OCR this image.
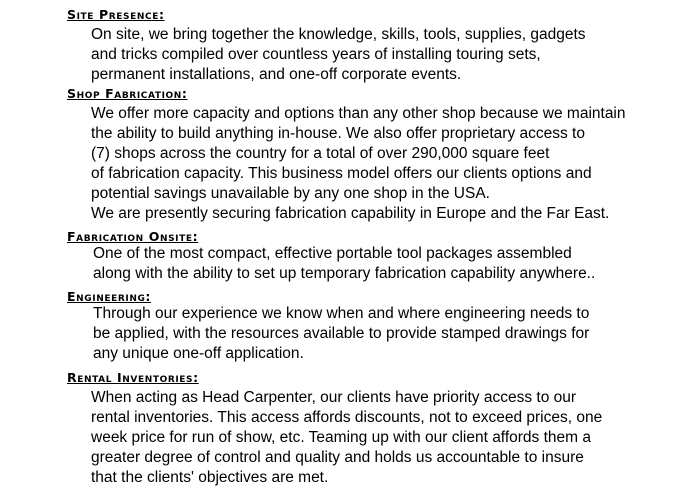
Site Presence:
On site, we bring together the knowledge, skills, tools, supplies, gadgets
and tricks compiled over countless years of installing touring sets,
permanent installations, and one-off corporate events.
Shop Fabrication:
We offer more capacity and options than any other shop because we maintain
the ability to build anything in-house. We also offer proprietary access to
(7) shops across the country for a total of over 290,000 square feet
of fabrication capacity. This business model offers our clients options and
potential savings unavailable by any one shop in the USA.
We are presently securing fabrication capability in Europe and the Far East.
Fabrication Onsite:
One of the most compact, effective portable tool packages assembled
along with the ability to set up temporary fabrication capability anywhere..
Engineering:
Through our experience we know when and where engineering needs to
be applied, with the resources available to provide stamped drawings for
any unique one-off application.
Rental Inventories:
When acting as Head Carpenter, our clients have priority access to our
rental inventories. This access affords discounts, not to exceed prices, one
week price for run of show, etc. Teaming up with our client affords them a
greater degree of control and quality and holds us accountable to insure
that the clients' objectives are met.
